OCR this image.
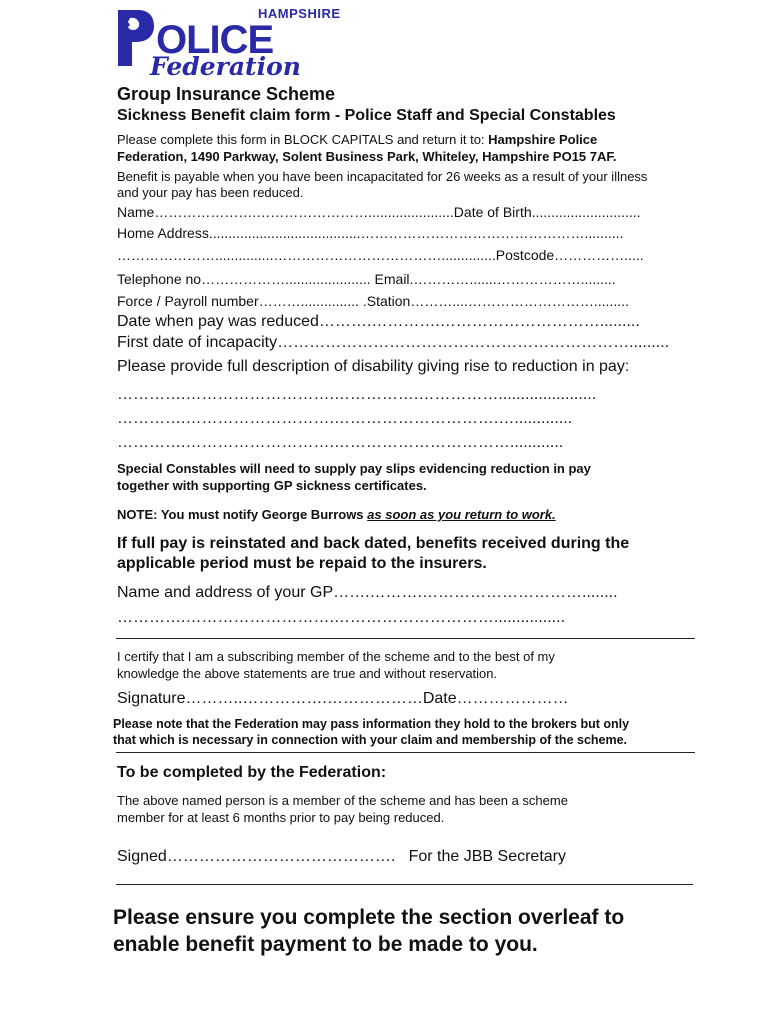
HAMPSHIRE
OLICE
Federation
Group Insurance Scheme
Sickness Benefit claim form - Police Staff and Special Constables
Please complete this form in BLOCK CAPITALS and return it to: Hampshire Police
Federation, 1490 Parkway, Solent Business Park, Whiteley, Hampshire PO15 7AF.
Benefit is payable when you have been incapacitated for 26 weeks as a result of your illness
and your pay has been reduced.
Name………………….……………………......................Date of Birth............................
Home Address.......................................…………………………………………..........
…………………...............………………………………..............Postcode…………….....
Telephone no………………...................... Email.………….......……………….........
Force / Payroll number………............... .Station………....……………………….........
Date when pay was reduced……….………….………………………….........
First date of incapacity………………………………………………………….........
Please provide full description of disability giving rise to reduction in pay:
………….……………………….…………….……………......................
………….……………………….………………………….….............
………….……………………….……………………………............
Special Constables will need to supply pay slips evidencing reduction in pay
together with supporting GP sickness certificates.
NOTE: You must notify George Burrows as soon as you return to work.
If full pay is reinstated and back dated, benefits received during the
applicable period must be repaid to the insurers.
Name and address of your GP…….……….…………………………........
………….……………………….…………………………................
I certify that I am a subscribing member of the scheme and to the best of my
knowledge the above statements are true and without reservation.
Signature………..…………….………………Date…………………
Please note that the Federation may pass information they hold to the brokers but only
that which is necessary in connection with your claim and membership of the scheme.
To be completed by the Federation:
The above named person is a member of the scheme and has been a scheme
member for at least 6 months prior to pay being reduced.
Signed…………………………………….   For the JBB Secretary
Please ensure you complete the section overleaf to
enable benefit payment to be made to you.
